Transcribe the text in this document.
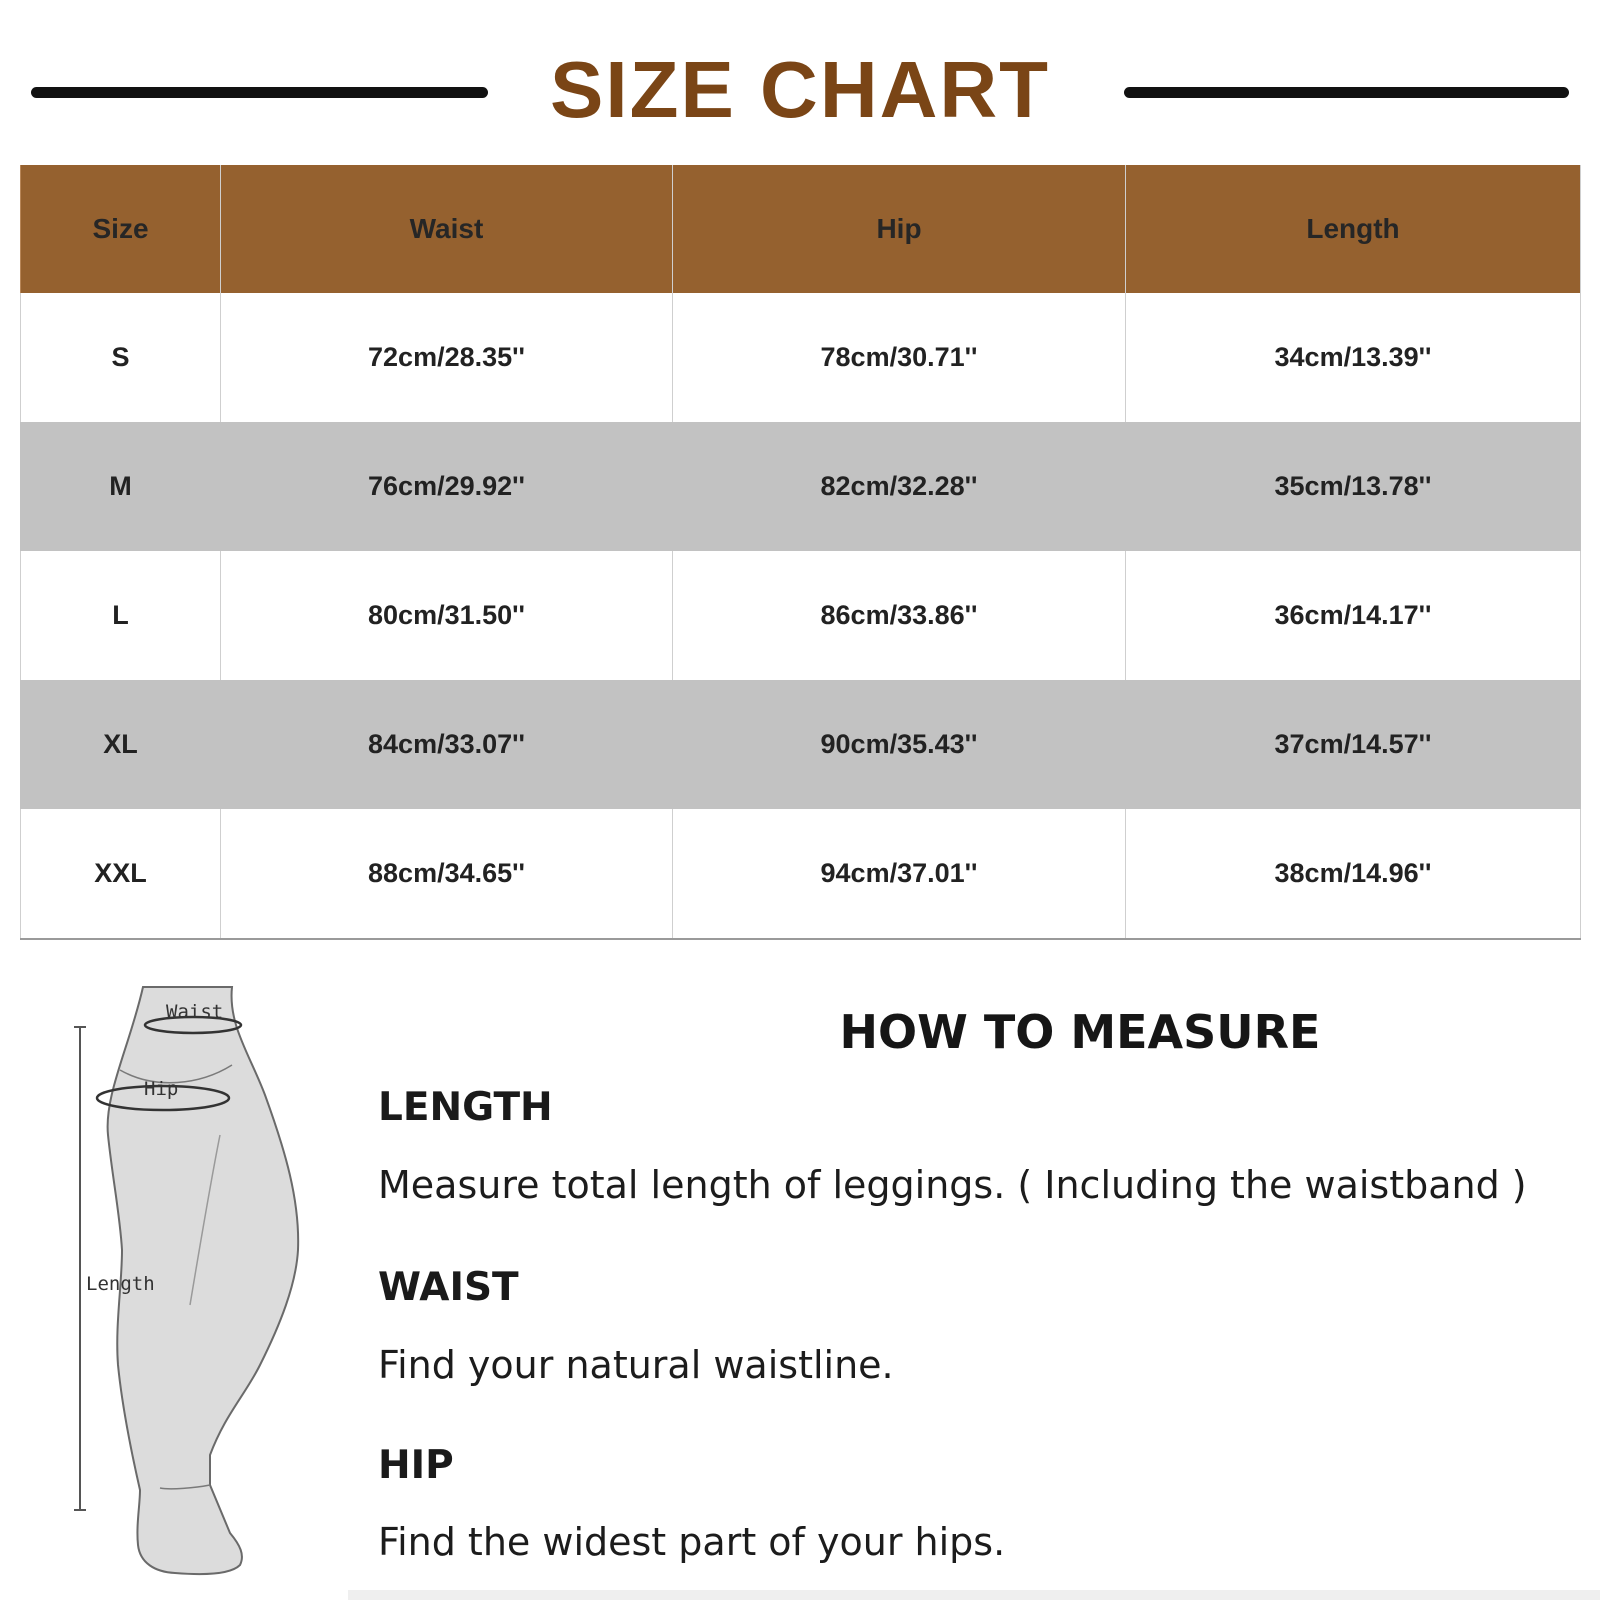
SIZE CHART
Size	Waist	Hip	Length
S	72cm/28.35''	78cm/30.71''	34cm/13.39''
M	76cm/29.92''	82cm/32.28''	35cm/13.78''
L	80cm/31.50''	86cm/33.86''	36cm/14.17''
XL	84cm/33.07''	90cm/35.43''	37cm/14.57''
XXL	88cm/34.65''	94cm/37.01''	38cm/14.96''
Waist
Hip
Length
HOW TO MEASURE
LENGTH
Measure total length of leggings. ( Including the waistband )
WAIST
Find your natural waistline.
HIP
Find the widest part of your hips.
